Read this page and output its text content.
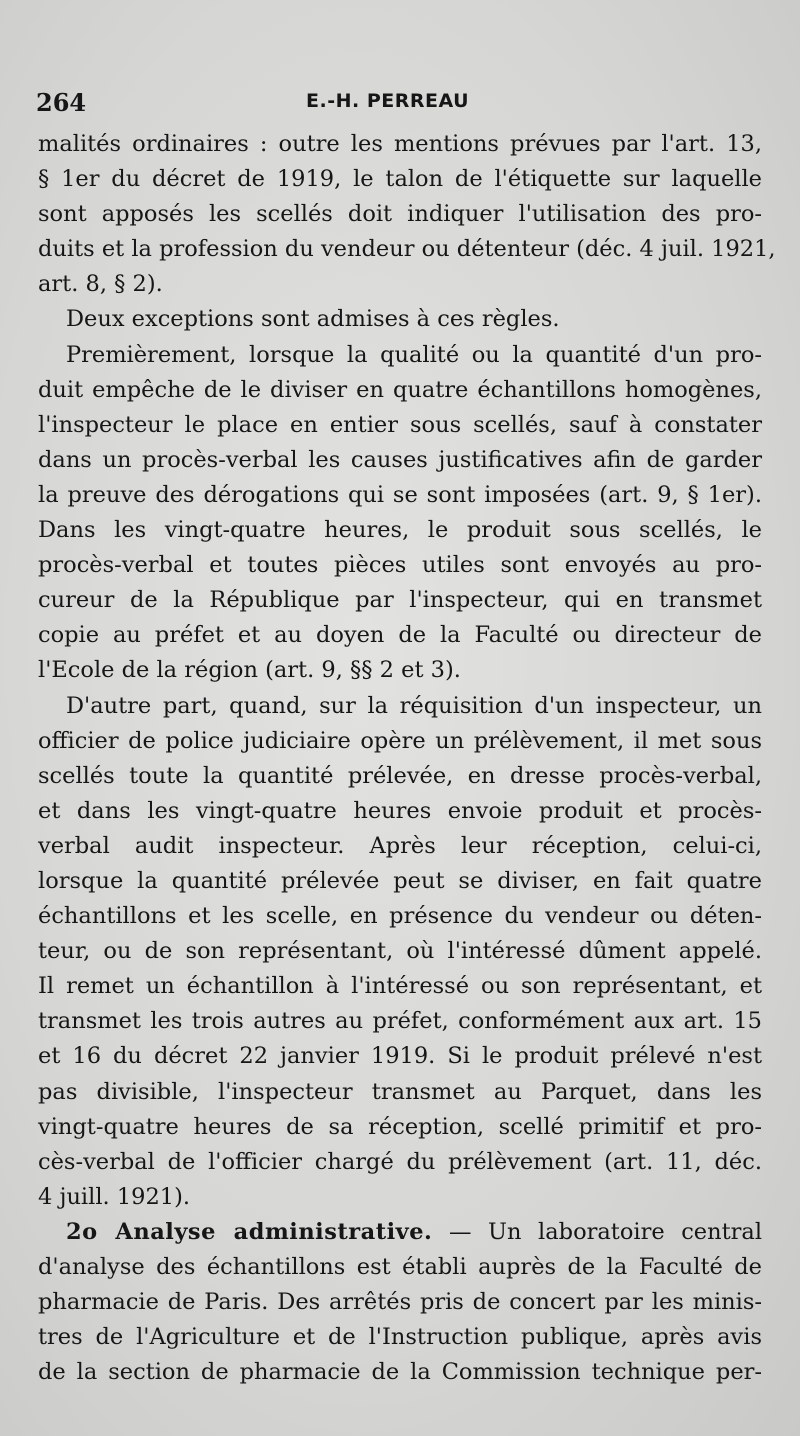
264	E.-H. PERREAU
malités ordinaires : outre les mentions prévues par l'art. 13,
§ 1er du décret de 1919, le talon de l'étiquette sur laquelle
sont apposés les scellés doit indiquer l'utilisation des pro-
duits et la profession du vendeur ou détenteur (déc. 4 juil. 1921,
art. 8, § 2).
Deux exceptions sont admises à ces règles.
Premièrement, lorsque la qualité ou la quantité d'un pro-
duit empêche de le diviser en quatre échantillons homogènes,
l'inspecteur le place en entier sous scellés, sauf à constater
dans un procès-verbal les causes justificatives afin de garder
la preuve des dérogations qui se sont imposées (art. 9, § 1er).
Dans les vingt-quatre heures, le produit sous scellés, le
procès-verbal et toutes pièces utiles sont envoyés au pro-
cureur de la République par l'inspecteur, qui en transmet
copie au préfet et au doyen de la Faculté ou directeur de
l'Ecole de la région (art. 9, §§ 2 et 3).
D'autre part, quand, sur la réquisition d'un inspecteur, un
officier de police judiciaire opère un prélèvement, il met sous
scellés toute la quantité prélevée, en dresse procès-verbal,
et dans les vingt-quatre heures envoie produit et procès-
verbal audit inspecteur. Après leur réception, celui-ci,
lorsque la quantité prélevée peut se diviser, en fait quatre
échantillons et les scelle, en présence du vendeur ou déten-
teur, ou de son représentant, où l'intéressé dûment appelé.
Il remet un échantillon à l'intéressé ou son représentant, et
transmet les trois autres au préfet, conformément aux art. 15
et 16 du décret 22 janvier 1919. Si le produit prélevé n'est
pas divisible, l'inspecteur transmet au Parquet, dans les
vingt-quatre heures de sa réception, scellé primitif et pro-
cès-verbal de l'officier chargé du prélèvement (art. 11, déc.
4 juill. 1921).
2o Analyse administrative. — Un laboratoire central
d'analyse des échantillons est établi auprès de la Faculté de
pharmacie de Paris. Des arrêtés pris de concert par les minis-
tres de l'Agriculture et de l'Instruction publique, après avis
de la section de pharmacie de la Commission technique per-
